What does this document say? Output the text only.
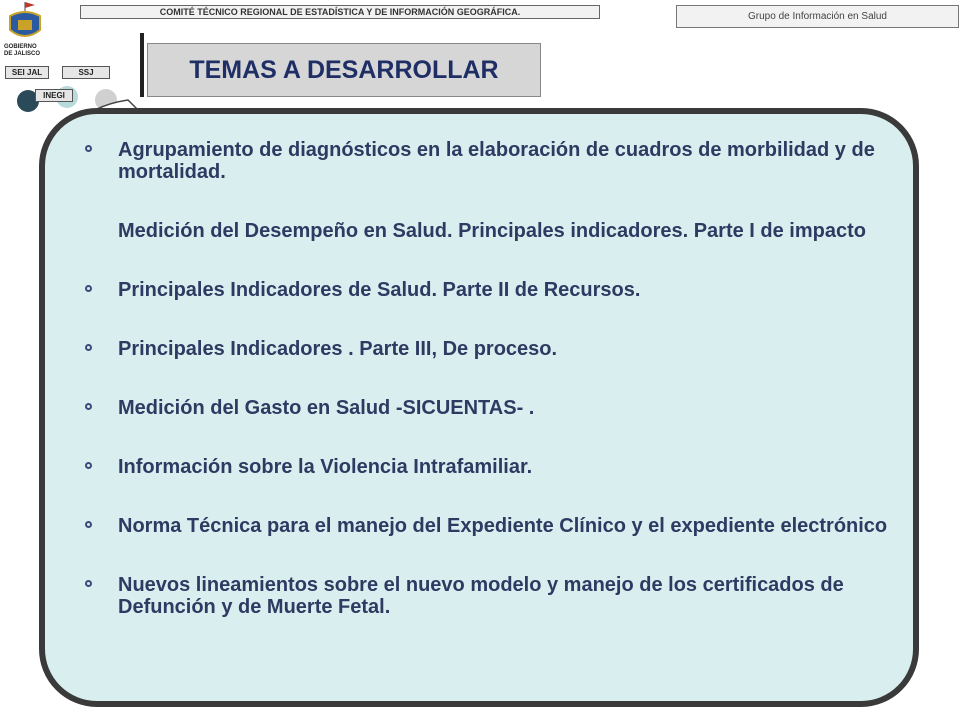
COMITÉ TÉCNICO REGIONAL DE ESTADÍSTICA Y DE INFORMACIÓN GEOGRÁFICA.	Grupo de Información en Salud
GOBIERNO
DE JALISCO
SEI JAL	SSJ
INEGI
TEMAS A DESARROLLAR
Agrupamiento de diagnósticos en la elaboración de cuadros de morbilidad y de mortalidad.
Medición del Desempeño en Salud. Principales indicadores. Parte I de impacto
Principales Indicadores de Salud. Parte II de Recursos.
Principales Indicadores . Parte III, De proceso.
Medición del Gasto en Salud -SICUENTAS- .
Información sobre la Violencia Intrafamiliar.
Norma Técnica para el manejo del Expediente Clínico y el expediente electrónico
Nuevos lineamientos sobre el nuevo modelo y manejo de los certificados de Defunción y de Muerte Fetal.
